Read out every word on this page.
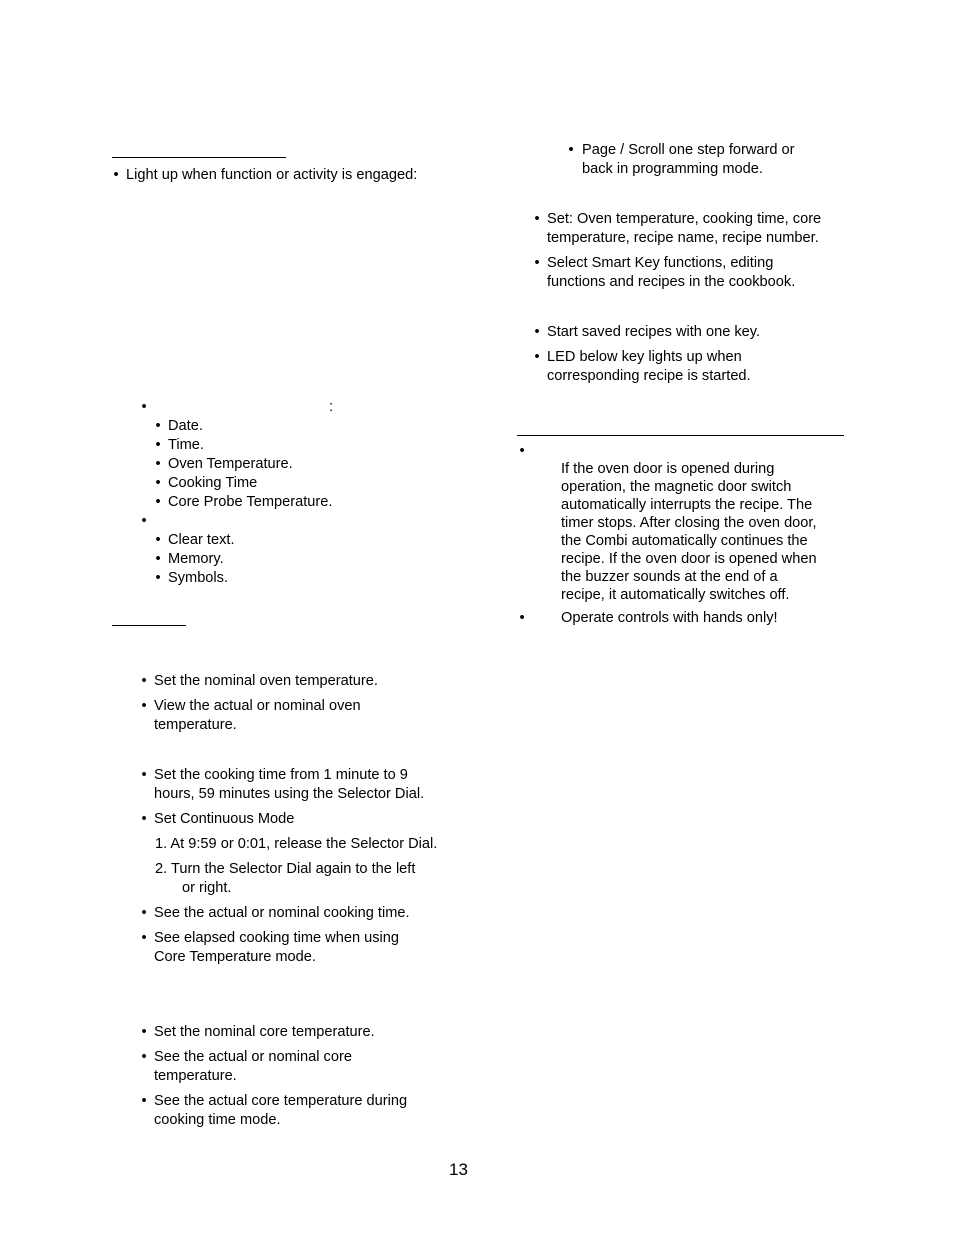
• Light up when function or activity is engaged:
•	:
• Date.
• Time.
• Oven Temperature.
• Cooking Time
• Core Probe Temperature.
•
• Clear text.
• Memory.
• Symbols.
• Set the nominal oven temperature.
• View the actual or nominal oven
temperature.
• Set the cooking time from 1 minute to 9
hours, 59 minutes using the Selector Dial.
• Set Continuous Mode
1. At 9:59 or 0:01, release the Selector Dial.
2. Turn the Selector Dial again to the left
or right.
• See the actual or nominal cooking time.
• See elapsed cooking time when using
Core Temperature mode.
• Set the nominal core temperature.
• See the actual or nominal core
temperature.
• See the actual core temperature during
cooking time mode.
• Page / Scroll one step forward or
back in programming mode.
• Set: Oven temperature, cooking time, core
temperature, recipe name, recipe number.
• Select Smart Key functions, editing
functions and recipes in the cookbook.
• Start saved recipes with one key.
• LED below key lights up when
corresponding recipe is started.
•
If the oven door is opened during
operation, the magnetic door switch
automatically interrupts the recipe. The
timer stops. After closing the oven door,
the Combi automatically continues the
recipe. If the oven door is opened when
the buzzer sounds at the end of a
recipe, it automatically switches off.
• Operate controls with hands only!
13
